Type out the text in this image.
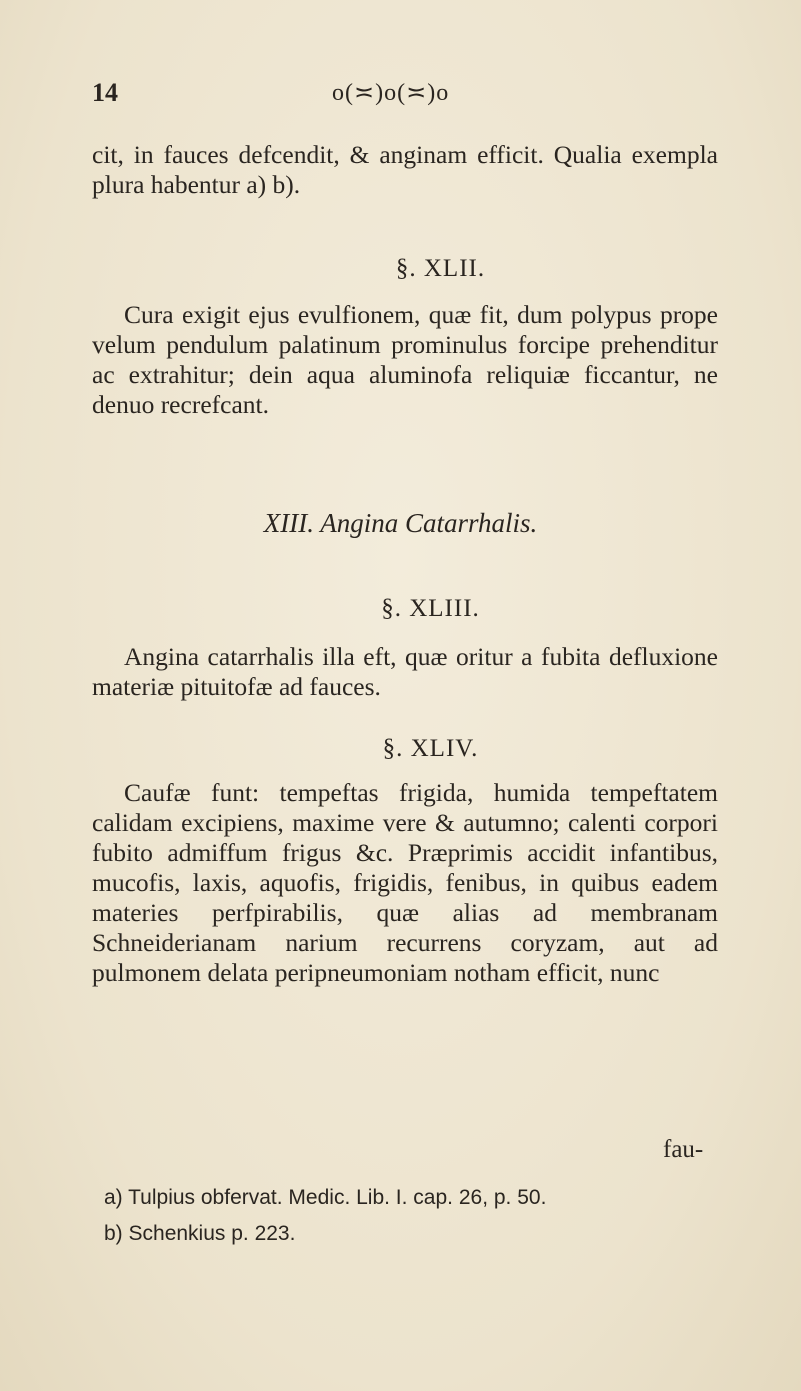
14	o(≍)o(≍)o
cit, in fauces defcendit, & anginam efficit. Qualia exempla plura habentur a) b).
§. XLII.
Cura exigit ejus evulfionem, quæ fit, dum polypus prope velum pendulum palatinum prominulus forcipe prehenditur ac extrahitur; dein aqua aluminofa reliquiæ ficcantur, ne denuo recrefcant.
XIII. Angina Catarrhalis.
§. XLIII.
Angina catarrhalis illa eft, quæ oritur a fubita defluxione materiæ pituitofæ ad fauces.
§. XLIV.
Caufæ funt: tempeftas frigida, humida tempeftatem calidam excipiens, maxime vere & autumno; calenti corpori fubito admiffum frigus &c. Præprimis accidit infantibus, mucofis, laxis, aquofis, frigidis, fenibus, in quibus eadem materies perfpirabilis, quæ alias ad membranam Schneiderianam narium recurrens coryzam, aut ad pulmonem delata peripneumoniam notham efficit, nunc
fau-
a) Tulpius obfervat. Medic. Lib. I. cap. 26, p. 50.
b) Schenkius p. 223.
